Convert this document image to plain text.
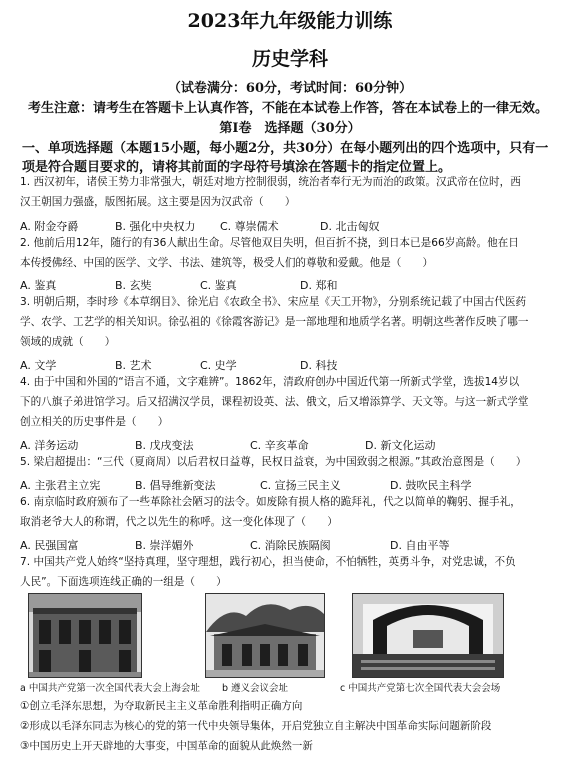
2023年九年级能力训练
历史学科
（试卷满分：60分，考试时间：60分钟）
考生注意：请考生在答题卡上认真作答，不能在本试卷上作答，答在本试卷上的一律无效。
第Ⅰ卷　选择题（30分）
一、单项选择题（本题15小题，每小题2分，共30分）在每小题列出的四个选项中，只有一
项是符合题目要求的，请将其前面的字母符号填涂在答题卡的指定位置上。
1. 西汉初年，诸侯王势力非常强大，朝廷对地方控制很弱，统治者奉行无为而治的政策。汉武帝在位时，西
汉王朝国力强盛，版图拓展。这主要是因为汉武帝（　　）
A. 附金夺爵	B. 强化中央权力 C. 尊崇儒术	D. 北击匈奴
2. 他前后用12年，随行的有36人献出生命。尽管他双目失明，但百折不挠，到日本已是66岁高龄。他在日
本传授佛经、中国的医学、文学、书法、建筑等，极受人们的尊敬和爱戴。他是（　　）
A. 鉴真	B. 玄奘	C. 鉴真	D. 郑和
3. 明朝后期，李时珍《本草纲目》、徐光启《农政全书》、宋应星《天工开物》，分别系统记载了中国古代医药
学、农学、工艺学的相关知识。徐弘祖的《徐霞客游记》是一部地理和地质学名著。明朝这些著作反映了哪一
领域的成就（　　）
A. 文学	B. 艺术	C. 史学	D. 科技
4. 由于中国和外国的“语言不通，文字难辨”。1862年，清政府创办中国近代第一所新式学堂，选拔14岁以
下的八旗子弟进馆学习。后又招满汉学员，课程初设英、法、俄文，后又增添算学、天文等。与这一新式学堂
创立相关的历史事件是（　　）
A. 洋务运动	B. 戊戌变法	C. 辛亥革命	D. 新文化运动
5. 梁启超提出：“三代（夏商周）以后君权日益尊，民权日益衰，为中国致弱之根源。”其政治意图是（　　）
A. 主张君主立宪	B. 倡导维新变法	C. 宣扬三民主义	D. 鼓吹民主科学
6. 南京临时政府颁布了一些革除社会陋习的法令。如废除有损人格的跪拜礼，代之以简单的鞠躬、握手礼，
取消老爷大人的称谓，代之以先生的称呼。这一变化体现了（　　）
A. 民强国富	B. 崇洋媚外	C. 消除民族隔阂	D. 自由平等
7. 中国共产党人始终“坚持真理，坚守理想，践行初心，担当使命，不怕牺牲，英勇斗争，对党忠诚，不负
人民”。下面选项连线正确的一组是（　　）
a 中国共产党第一次全国代表大会上海会址 b 遵义会议会址	c 中国共产党第七次全国代表大会会场
①创立毛泽东思想，为夺取新民主主义革命胜利指明正确方向
②形成以毛泽东同志为核心的党的第一代中央领导集体，开启党独立自主解决中国革命实际问题新阶段
③中国历史上开天辟地的大事变，中国革命的面貌从此焕然一新
